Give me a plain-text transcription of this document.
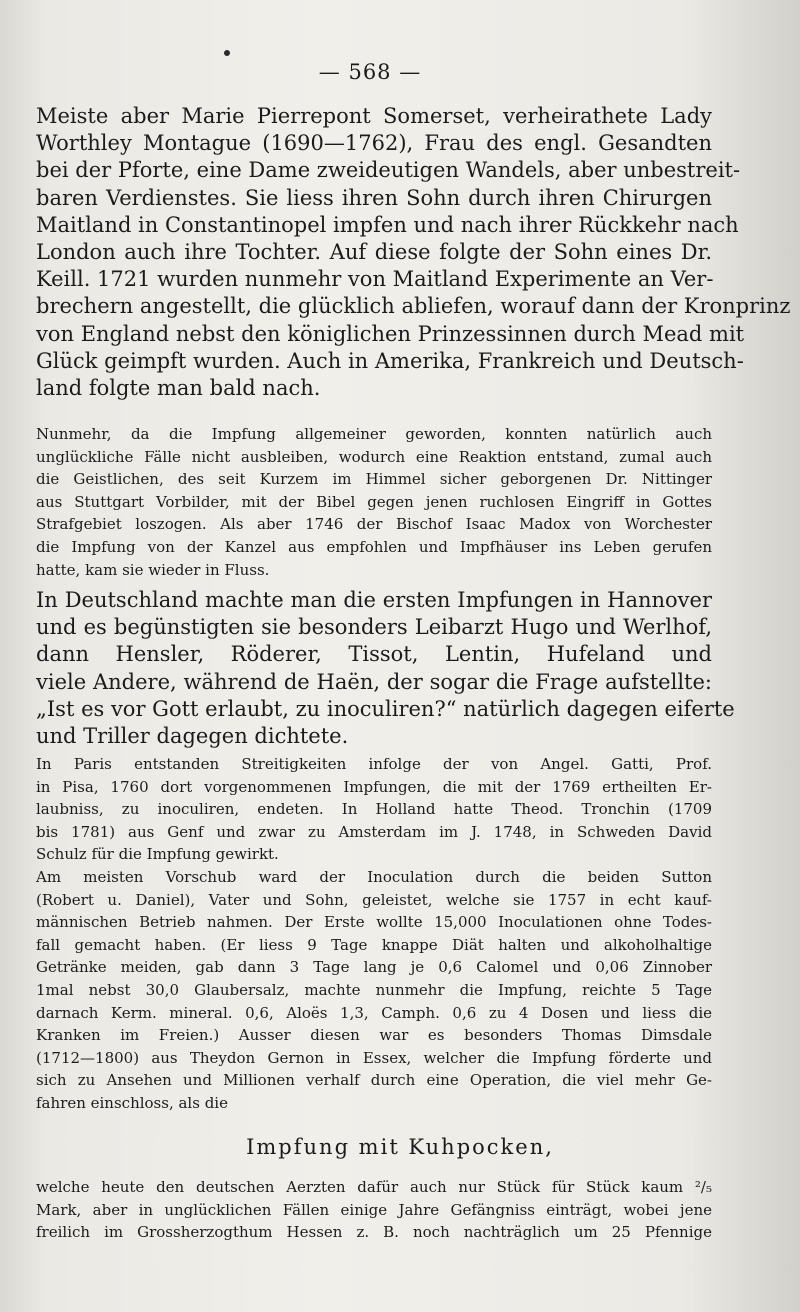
— 568 —
Meiste aber Marie Pierrepont Somerset, verheirathete Lady
Worthley Montague (1690—1762), Frau des engl. Gesandten
bei der Pforte, eine Dame zweideutigen Wandels, aber unbestreit-
baren Verdienstes. Sie liess ihren Sohn durch ihren Chirurgen
Maitland in Constantinopel impfen und nach ihrer Rückkehr nach
London auch ihre Tochter. Auf diese folgte der Sohn eines Dr.
Keill. 1721 wurden nunmehr von Maitland Experimente an Ver-
brechern angestellt, die glücklich abliefen, worauf dann der Kronprinz
von England nebst den königlichen Prinzessinnen durch Mead mit
Glück geimpft wurden. Auch in Amerika, Frankreich und Deutsch-
land folgte man bald nach.
Nunmehr, da die Impfung allgemeiner geworden, konnten natürlich auch
unglückliche Fälle nicht ausbleiben, wodurch eine Reaktion entstand, zumal auch
die Geistlichen, des seit Kurzem im Himmel sicher geborgenen Dr. Nittinger
aus Stuttgart Vorbilder, mit der Bibel gegen jenen ruchlosen Eingriff in Gottes
Strafgebiet loszogen. Als aber 1746 der Bischof Isaac Madox von Worchester
die Impfung von der Kanzel aus empfohlen und Impfhäuser ins Leben gerufen
hatte, kam sie wieder in Fluss.
In Deutschland machte man die ersten Impfungen in Hannover
und es begünstigten sie besonders Leibarzt Hugo und Werlhof,
dann Hensler, Röderer, Tissot, Lentin, Hufeland und
viele Andere, während de Haën, der sogar die Frage aufstellte:
„Ist es vor Gott erlaubt, zu inoculiren?“ natürlich dagegen eiferte
und Triller dagegen dichtete.
In Paris entstanden Streitigkeiten infolge der von Angel. Gatti, Prof.
in Pisa, 1760 dort vorgenommenen Impfungen, die mit der 1769 ertheilten Er-
laubniss, zu inoculiren, endeten. In Holland hatte Theod. Tronchin (1709
bis 1781) aus Genf und zwar zu Amsterdam im J. 1748, in Schweden David
Schulz für die Impfung gewirkt.
Am meisten Vorschub ward der Inoculation durch die beiden Sutton
(Robert u. Daniel), Vater und Sohn, geleistet, welche sie 1757 in echt kauf-
männischen Betrieb nahmen. Der Erste wollte 15,000 Inoculationen ohne Todes-
fall gemacht haben. (Er liess 9 Tage knappe Diät halten und alkoholhaltige
Getränke meiden, gab dann 3 Tage lang je 0,6 Calomel und 0,06 Zinnober
1mal nebst 30,0 Glaubersalz, machte nunmehr die Impfung, reichte 5 Tage
darnach Kerm. mineral. 0,6, Aloës 1,3, Camph. 0,6 zu 4 Dosen und liess die
Kranken im Freien.) Ausser diesen war es besonders Thomas Dimsdale
(1712—1800) aus Theydon Gernon in Essex, welcher die Impfung förderte und
sich zu Ansehen und Millionen verhalf durch eine Operation, die viel mehr Ge-
fahren einschloss, als die
Impfung mit Kuhpocken,
welche heute den deutschen Aerzten dafür auch nur Stück für Stück kaum ²/₅
Mark, aber in unglücklichen Fällen einige Jahre Gefängniss einträgt, wobei jene
freilich im Grossherzogthum Hessen z. B. noch nachträglich um 25 Pfennige
